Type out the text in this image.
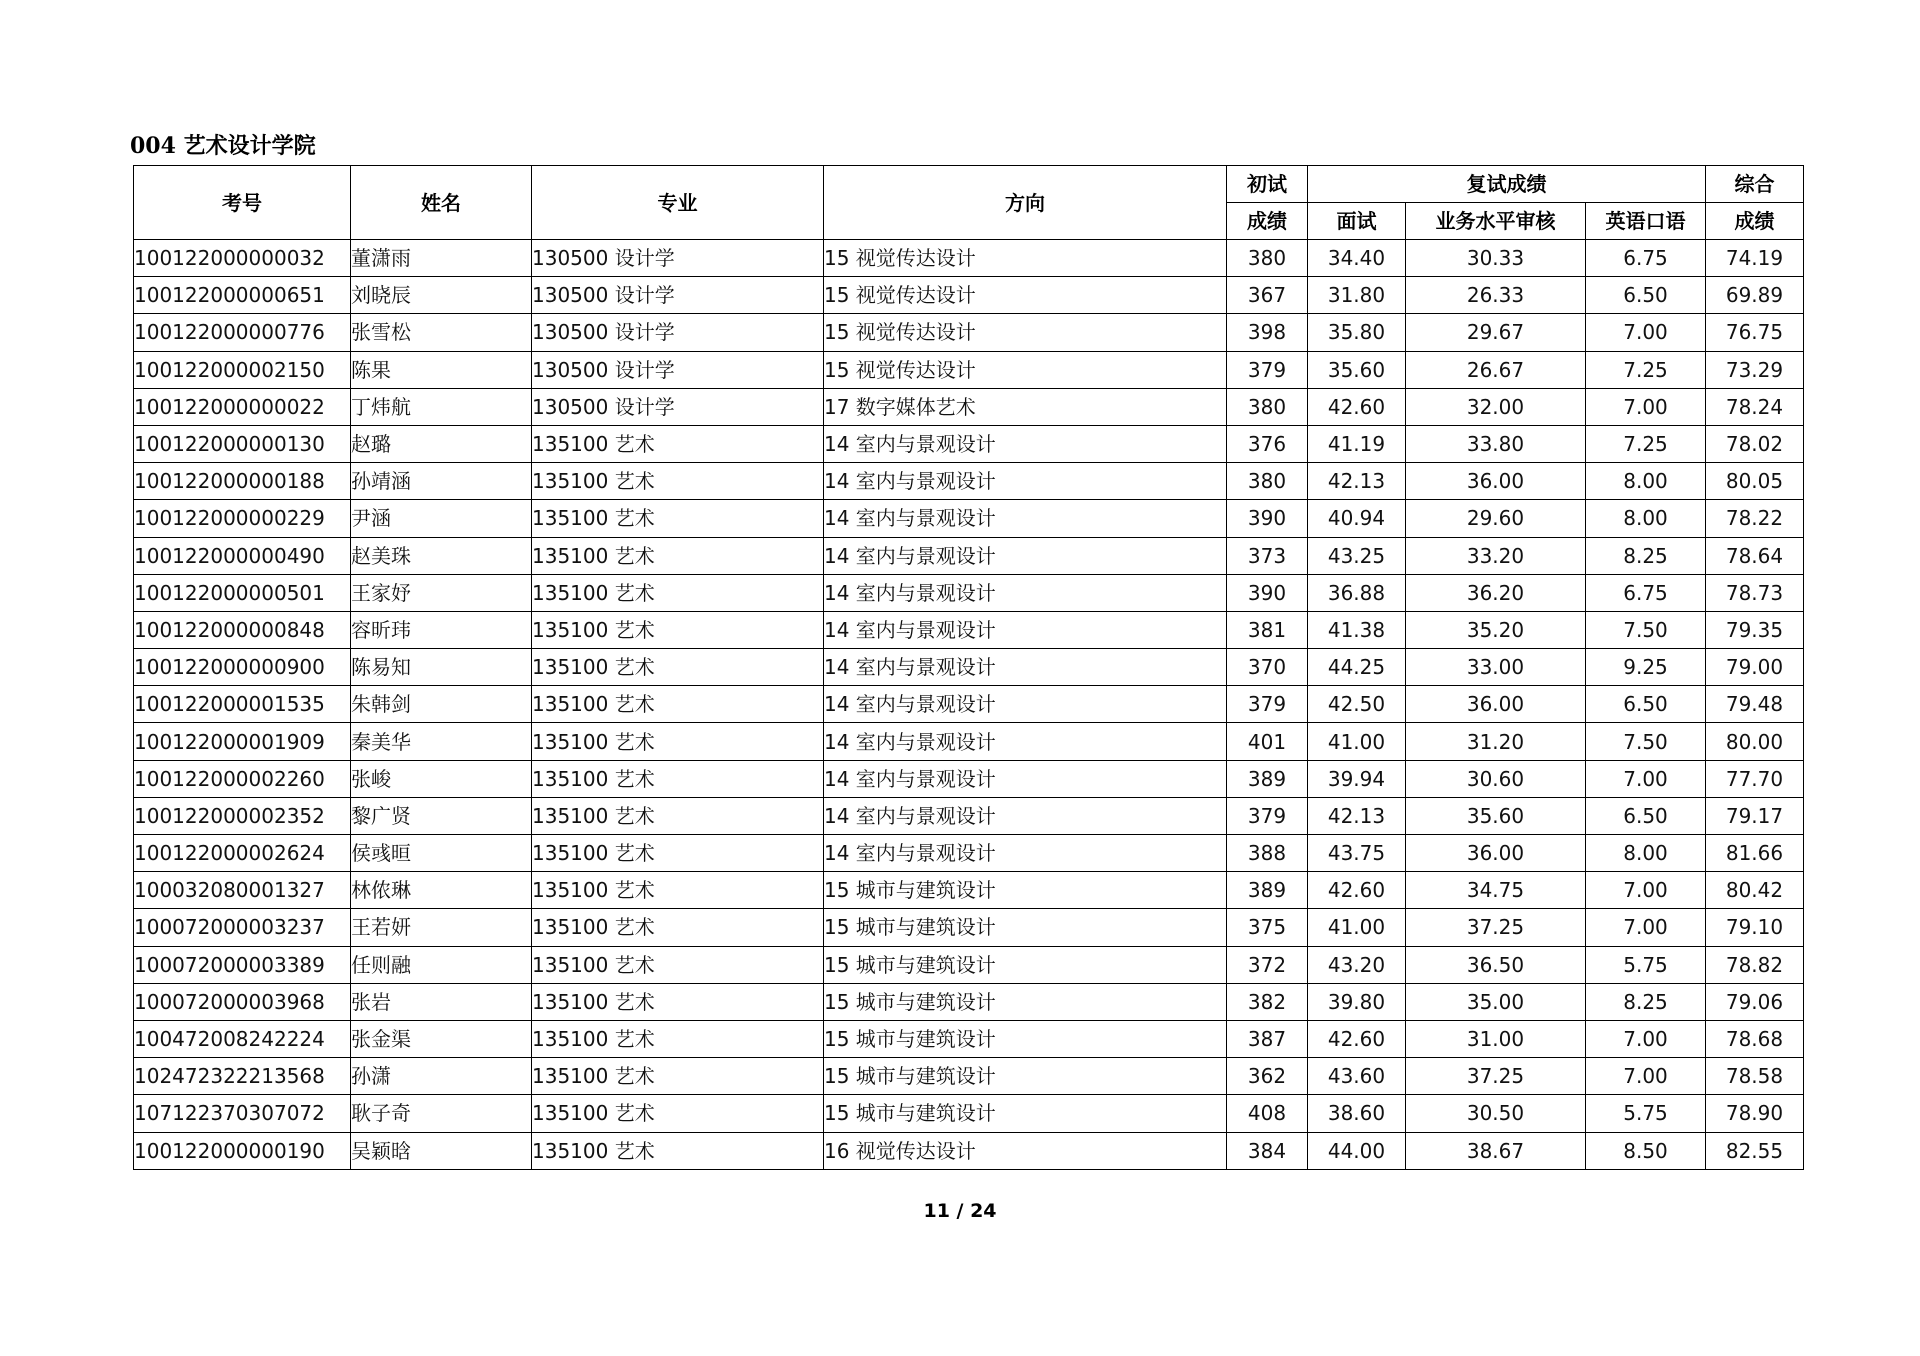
004 艺术设计学院
考号	姓名	专业	方向	初试	复试成绩			综合
				成绩	面试	业务水平审核	英语口语	成绩
100122000000032	董潇雨	130500 设计学	15 视觉传达设计	380	34.40	30.33	6.75	74.19
100122000000651	刘晓辰	130500 设计学	15 视觉传达设计	367	31.80	26.33	6.50	69.89
100122000000776	张雪松	130500 设计学	15 视觉传达设计	398	35.80	29.67	7.00	76.75
100122000002150	陈果	130500 设计学	15 视觉传达设计	379	35.60	26.67	7.25	73.29
100122000000022	丁炜航	130500 设计学	17 数字媒体艺术	380	42.60	32.00	7.00	78.24
100122000000130	赵璐	135100 艺术	14 室内与景观设计	376	41.19	33.80	7.25	78.02
100122000000188	孙靖涵	135100 艺术	14 室内与景观设计	380	42.13	36.00	8.00	80.05
100122000000229	尹涵	135100 艺术	14 室内与景观设计	390	40.94	29.60	8.00	78.22
100122000000490	赵美珠	135100 艺术	14 室内与景观设计	373	43.25	33.20	8.25	78.64
100122000000501	王家妤	135100 艺术	14 室内与景观设计	390	36.88	36.20	6.75	78.73
100122000000848	容昕玮	135100 艺术	14 室内与景观设计	381	41.38	35.20	7.50	79.35
100122000000900	陈易知	135100 艺术	14 室内与景观设计	370	44.25	33.00	9.25	79.00
100122000001535	朱韩剑	135100 艺术	14 室内与景观设计	379	42.50	36.00	6.50	79.48
100122000001909	秦美华	135100 艺术	14 室内与景观设计	401	41.00	31.20	7.50	80.00
100122000002260	张峻	135100 艺术	14 室内与景观设计	389	39.94	30.60	7.00	77.70
100122000002352	黎广贤	135100 艺术	14 室内与景观设计	379	42.13	35.60	6.50	79.17
100122000002624	侯彧晅	135100 艺术	14 室内与景观设计	388	43.75	36.00	8.00	81.66
100032080001327	林侬琳	135100 艺术	15 城市与建筑设计	389	42.60	34.75	7.00	80.42
100072000003237	王若妍	135100 艺术	15 城市与建筑设计	375	41.00	37.25	7.00	79.10
100072000003389	任则融	135100 艺术	15 城市与建筑设计	372	43.20	36.50	5.75	78.82
100072000003968	张岩	135100 艺术	15 城市与建筑设计	382	39.80	35.00	8.25	79.06
100472008242224	张金渠	135100 艺术	15 城市与建筑设计	387	42.60	31.00	7.00	78.68
102472322213568	孙潇	135100 艺术	15 城市与建筑设计	362	43.60	37.25	7.00	78.58
107122370307072	耿子奇	135100 艺术	15 城市与建筑设计	408	38.60	30.50	5.75	78.90
100122000000190	吴颖晗	135100 艺术	16 视觉传达设计	384	44.00	38.67	8.50	82.55
11 / 24
